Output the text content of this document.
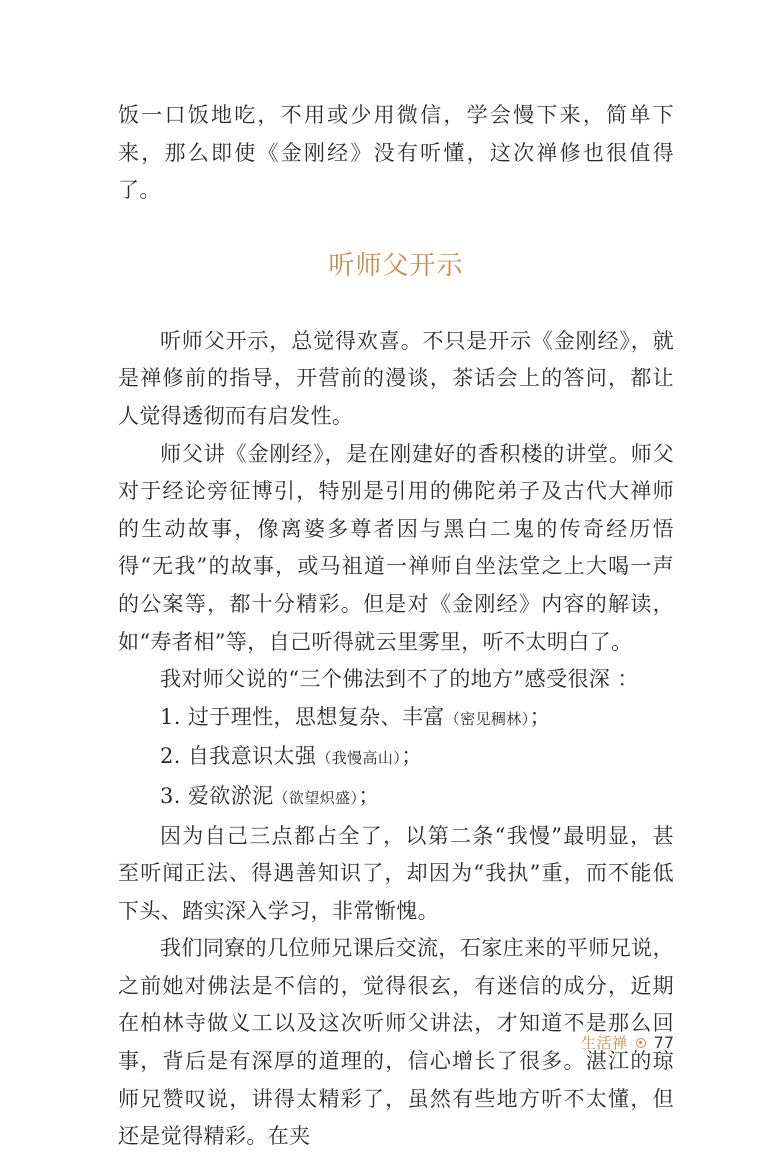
饭一口饭地吃，不用或少用微信，学会慢下来，简单下来，那么即使《金刚经》没有听懂，这次禅修也很值得了。

听师父开示

听师父开示，总觉得欢喜。不只是开示《金刚经》，就是禅修前的指导，开营前的漫谈，茶话会上的答问，都让人觉得透彻而有启发性。

师父讲《金刚经》，是在刚建好的香积楼的讲堂。师父对于经论旁征博引，特别是引用的佛陀弟子及古代大禅师的生动故事，像离婆多尊者因与黑白二鬼的传奇经历悟得“无我”的故事，或马祖道一禅师自坐法堂之上大喝一声的公案等，都十分精彩。但是对《金刚经》内容的解读，如“寿者相”等，自己听得就云里雾里，听不太明白了。

我对师父说的“三个佛法到不了的地方”感受很深 ：

1. 过于理性，思想复杂、丰富（密见稠林）；

2. 自我意识太强（我慢高山）；

3. 爱欲淤泥（欲望炽盛）；

因为自己三点都占全了，以第二条“我慢”最明显，甚至听闻正法、得遇善知识了，却因为“我执”重，而不能低下头、踏实深入学习，非常惭愧。

我们同寮的几位师兄课后交流，石家庄来的平师兄说，之前她对佛法是不信的，觉得很玄，有迷信的成分，近期在柏林寺做义工以及这次听师父讲法，才知道不是那么回事，背后是有深厚的道理的，信心增长了很多。湛江的琼师兄赞叹说，讲得太精彩了，虽然有些地方听不太懂，但还是觉得精彩。在夹

生活禅 77
